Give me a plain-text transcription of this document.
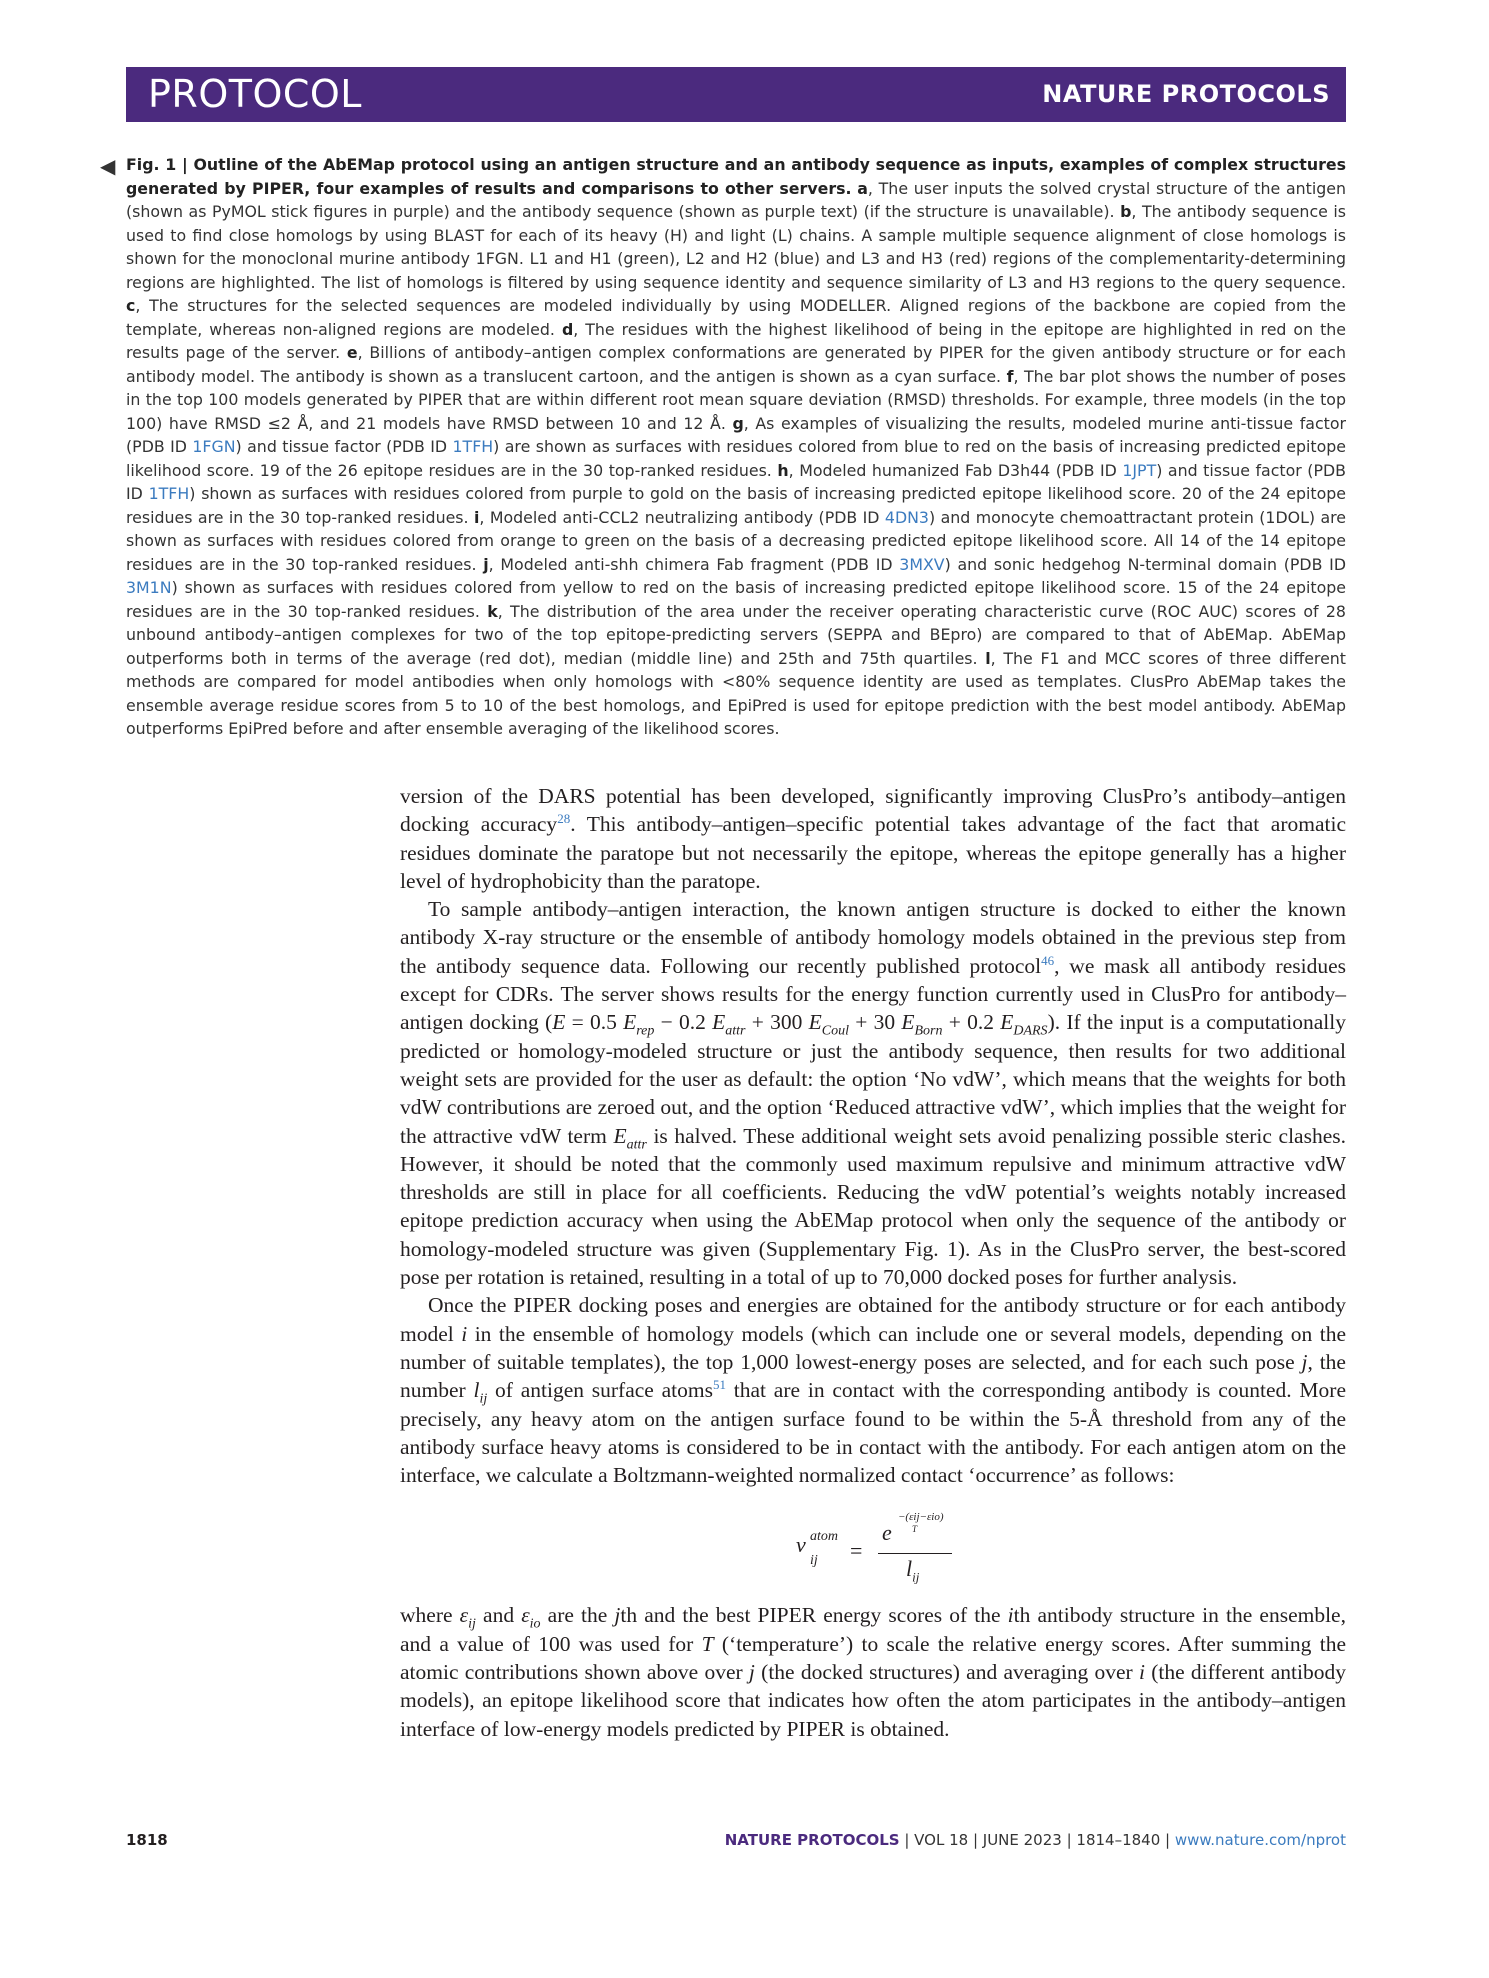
PROTOCOL	NATURE PROTOCOLS
◀ Fig. 1 | Outline of the AbEMap protocol using an antigen structure and an antibody sequence as inputs, examples of complex structures generated by PIPER, four examples of results and comparisons to other servers. a, The user inputs the solved crystal structure of the antigen (shown as PyMOL stick figures in purple) and the antibody sequence (shown as purple text) (if the structure is unavailable). b, The antibody sequence is used to find close homologs by using BLAST for each of its heavy (H) and light (L) chains. A sample multiple sequence alignment of close homologs is shown for the monoclonal murine antibody 1FGN. L1 and H1 (green), L2 and H2 (blue) and L3 and H3 (red) regions of the complementarity-determining regions are highlighted. The list of homologs is filtered by using sequence identity and sequence similarity of L3 and H3 regions to the query sequence. c, The structures for the selected sequences are modeled individually by using MODELLER. Aligned regions of the backbone are copied from the template, whereas non-aligned regions are modeled. d, The residues with the highest likelihood of being in the epitope are highlighted in red on the results page of the server. e, Billions of antibody–antigen complex conformations are generated by PIPER for the given antibody structure or for each antibody model. The antibody is shown as a translucent cartoon, and the antigen is shown as a cyan surface. f, The bar plot shows the number of poses in the top 100 models generated by PIPER that are within different root mean square deviation (RMSD) thresholds. For example, three models (in the top 100) have RMSD ≤2 Å, and 21 models have RMSD between 10 and 12 Å. g, As examples of visualizing the results, modeled murine anti-tissue factor (PDB ID 1FGN) and tissue factor (PDB ID 1TFH) are shown as surfaces with residues colored from blue to red on the basis of increasing predicted epitope likelihood score. 19 of the 26 epitope residues are in the 30 top-ranked residues. h, Modeled humanized Fab D3h44 (PDB ID 1JPT) and tissue factor (PDB ID 1TFH) shown as surfaces with residues colored from purple to gold on the basis of increasing predicted epitope likelihood score. 20 of the 24 epitope residues are in the 30 top-ranked residues. i, Modeled anti-CCL2 neutralizing antibody (PDB ID 4DN3) and monocyte chemoattractant protein (1DOL) are shown as surfaces with residues colored from orange to green on the basis of a decreasing predicted epitope likelihood score. All 14 of the 14 epitope residues are in the 30 top-ranked residues. j, Modeled anti-shh chimera Fab fragment (PDB ID 3MXV) and sonic hedgehog N-terminal domain (PDB ID 3M1N) shown as surfaces with residues colored from yellow to red on the basis of increasing predicted epitope likelihood score. 15 of the 24 epitope residues are in the 30 top-ranked residues. k, The distribution of the area under the receiver operating characteristic curve (ROC AUC) scores of 28 unbound antibody–antigen complexes for two of the top epitope-predicting servers (SEPPA and BEpro) are compared to that of AbEMap. AbEMap outperforms both in terms of the average (red dot), median (middle line) and 25th and 75th quartiles. l, The F1 and MCC scores of three different methods are compared for model antibodies when only homologs with <80% sequence identity are used as templates. ClusPro AbEMap takes the ensemble average residue scores from 5 to 10 of the best homologs, and EpiPred is used for epitope prediction with the best model antibody. AbEMap outperforms EpiPred before and after ensemble averaging of the likelihood scores.

version of the DARS potential has been developed, significantly improving ClusPro’s antibody–antigen docking accuracy$^{28}$. This antibody–antigen–specific potential takes advantage of the fact that aromatic residues dominate the paratope but not necessarily the epitope, whereas the epitope generally has a higher level of hydrophobicity than the paratope.

To sample antibody–antigen interaction, the known antigen structure is docked to either the known antibody X-ray structure or the ensemble of antibody homology models obtained in the previous step from the antibody sequence data. Following our recently published protocol$^{46}$, we mask all antibody residues except for CDRs. The server shows results for the energy function currently used in ClusPro for antibody–antigen docking (E = 0.5 $E_{rep} - 0.2$ $E_{attr} + 300$ $E_{Coul} + 30$ $E_{Born} + 0.2$ $E_{DARS}$). If the input is a computationally predicted or homology-modeled structure or just the antibody sequence, then results for two additional weight sets are provided for the user as default: the option ‘No vdW’, which means that the weights for both vdW contributions are zeroed out, and the option ‘Reduced attractive vdW’, which implies that the weight for the attractive vdW term $E_{attr}$ is halved. These additional weight sets avoid penalizing possible steric clashes. However, it should be noted that the commonly used maximum repulsive and minimum attractive vdW thresholds are still in place for all coefficients. Reducing the vdW potential’s weights notably increased epitope prediction accuracy when using the AbEMap protocol when only the sequence of the antibody or homology-modeled structure was given (Supplementary Fig. 1). As in the ClusPro server, the best-scored pose per rotation is retained, resulting in a total of up to 70,000 docked poses for further analysis.

Once the PIPER docking poses and energies are obtained for the antibody structure or for each antibody model i in the ensemble of homology models (which can include one or several models, depending on the number of suitable templates), the top 1,000 lowest-energy poses are selected, and for each such pose j, the number $l_{ij}$ of antigen surface atoms$^{51}$ that are in contact with the corresponding antibody is counted. More precisely, any heavy atom on the antigen surface found to be within the 5-Å threshold from any of the antibody surface heavy atoms is considered to be in contact with the antibody. For each antigen atom on the interface, we calculate a Boltzmann-weighted normalized contact ‘occurrence’ as follows:

v atom
ij =
e
−(εij−εio)
T
$l_{ij}$

where $\varepsilon_{ij}$ and $\varepsilon_{io}$ are the jth and the best PIPER energy scores of the ith antibody structure in the ensemble, and a value of 100 was used for T (‘temperature’) to scale the relative energy scores. After summing the atomic contributions shown above over j (the docked structures) and averaging over i (the different antibody models), an epitope likelihood score that indicates how often the atom participates in the antibody–antigen interface of low-energy models predicted by PIPER is obtained.

1818	NATURE PROTOCOLS | VOL 18 | JUNE 2023 | 1814–1840 | www.nature.com/nprot
